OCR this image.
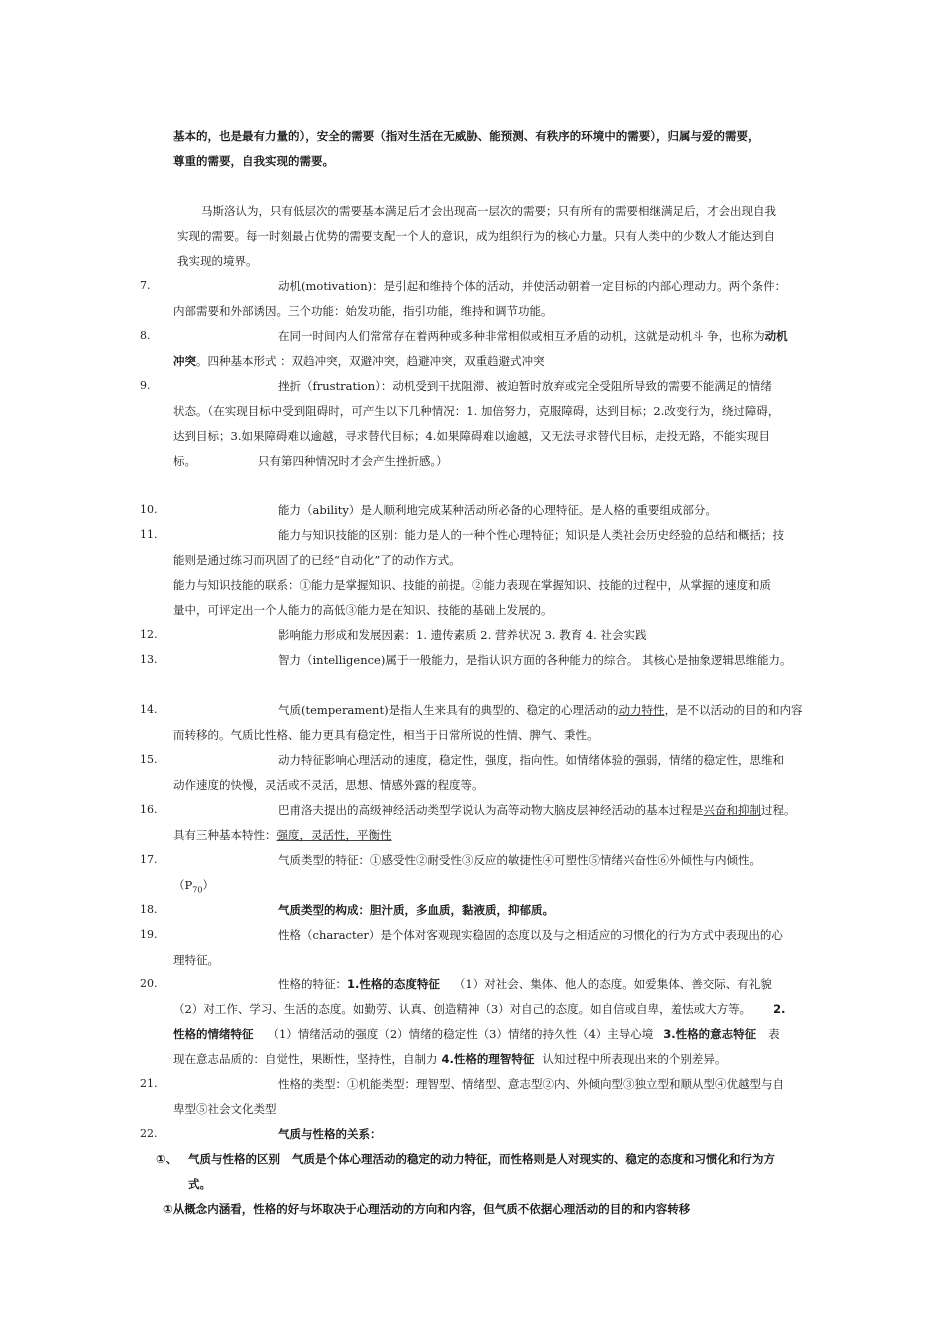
基本的，也是最有力量的），安全的需要（指对生活在无威胁、能预测、有秩序的环境中的需要），归属与爱的需要，
尊重的需要，自我实现的需要。
马斯洛认为，只有低层次的需要基本满足后才会出现高一层次的需要；只有所有的需要相继满足后，才会出现自我
实现的需要。每一时刻最占优势的需要支配一个人的意识，成为组织行为的核心力量。只有人类中的少数人才能达到自
我实现的境界。
7.	动机(motivation)：是引起和维持个体的活动，并使活动朝着一定目标的内部心理动力。两个条件：
内部需要和外部诱因。三个功能：始发功能，指引功能，维持和调节功能。
8.	在同一时间内人们常常存在着两种或多种非常相似或相互矛盾的动机，这就是动机斗 争，也称为动机
冲突。四种基本形式 ：双趋冲突，双避冲突，趋避冲突，双重趋避式冲突
9.	挫折（frustration）：动机受到干扰阻滞、被迫暂时放弃或完全受阻所导致的需要不能满足的情绪
状态。（在实现目标中受到阻碍时，可产生以下几种情况：1. 加倍努力，克服障碍，达到目标；2.改变行为，绕过障碍，
达到目标；3.如果障碍难以逾越，寻求替代目标；4.如果障碍难以逾越，又无法寻求替代目标，走投无路，不能实现目
标。	只有第四种情况时才会产生挫折感。）
10.	能力（ability）是人顺利地完成某种活动所必备的心理特征。是人格的重要组成部分。
11.	能力与知识技能的区别：能力是人的一种个性心理特征；知识是人类社会历史经验的总结和概括；技
能则是通过练习而巩固了的已经“自动化”了的动作方式。
能力与知识技能的联系：①能力是掌握知识、技能的前提。②能力表现在掌握知识、技能的过程中，从掌握的速度和质
量中，可评定出一个人能力的高低③能力是在知识、技能的基础上发展的。
12.	影响能力形成和发展因素：1. 遗传素质 2. 营养状况 3. 教育 4. 社会实践
13.	智力（intelligence)属于一般能力，是指认识方面的各种能力的综合。 其核心是抽象逻辑思维能力。
14.	气质(temperament)是指人生来具有的典型的、稳定的心理活动的动力特性，是不以活动的目的和内容
而转移的。气质比性格、能力更具有稳定性，相当于日常所说的性情、脾气、秉性。
15.	动力特征影响心理活动的速度，稳定性，强度，指向性。如情绪体验的强弱，情绪的稳定性，思维和
动作速度的快慢，灵活或不灵活，思想、情感外露的程度等。
16.	巴甫洛夫提出的高级神经活动类型学说认为高等动物大脑皮层神经活动的基本过程是兴奋和抑制过程。
具有三种基本特性：强度，灵活性，平衡性
17.	气质类型的特征：①感受性②耐受性③反应的敏捷性④可塑性⑤情绪兴奋性⑥外倾性与内倾性。
$(P_{70})$
18.	气质类型的构成：胆汁质，多血质，黏液质，抑郁质。
19.	性格（character）是个体对客观现实稳固的态度以及与之相适应的习惯化的行为方式中表现出的心
理特征。
20.	性格的特征：1.性格的态度特征 （1）对社会、集体、他人的态度。如爱集体、善交际、有礼貌
（2）对工作、学习、生活的态度。如勤劳、认真、创造精神（3）对自己的态度。如自信或自卑，羞怯或大方等。 2.
性格的情绪特征 （1）情绪活动的强度（2）情绪的稳定性（3）情绪的持久性（4）主导心境 3.性格的意志特征 表
现在意志品质的：自觉性，果断性，坚持性，自制力 4.性格的理智特征 认知过程中所表现出来的个别差异。
21.	性格的类型：①机能类型：理智型、情绪型、意志型②内、外倾向型③独立型和顺从型④优越型与自
卑型⑤社会文化类型
22.	气质与性格的关系：
①、 气质与性格的区别 气质是个体心理活动的稳定的动力特征，而性格则是人对现实的、稳定的态度和习惯化和行为方
式。
①从概念内涵看，性格的好与坏取决于心理活动的方向和内容，但气质不依据心理活动的目的和内容转移
